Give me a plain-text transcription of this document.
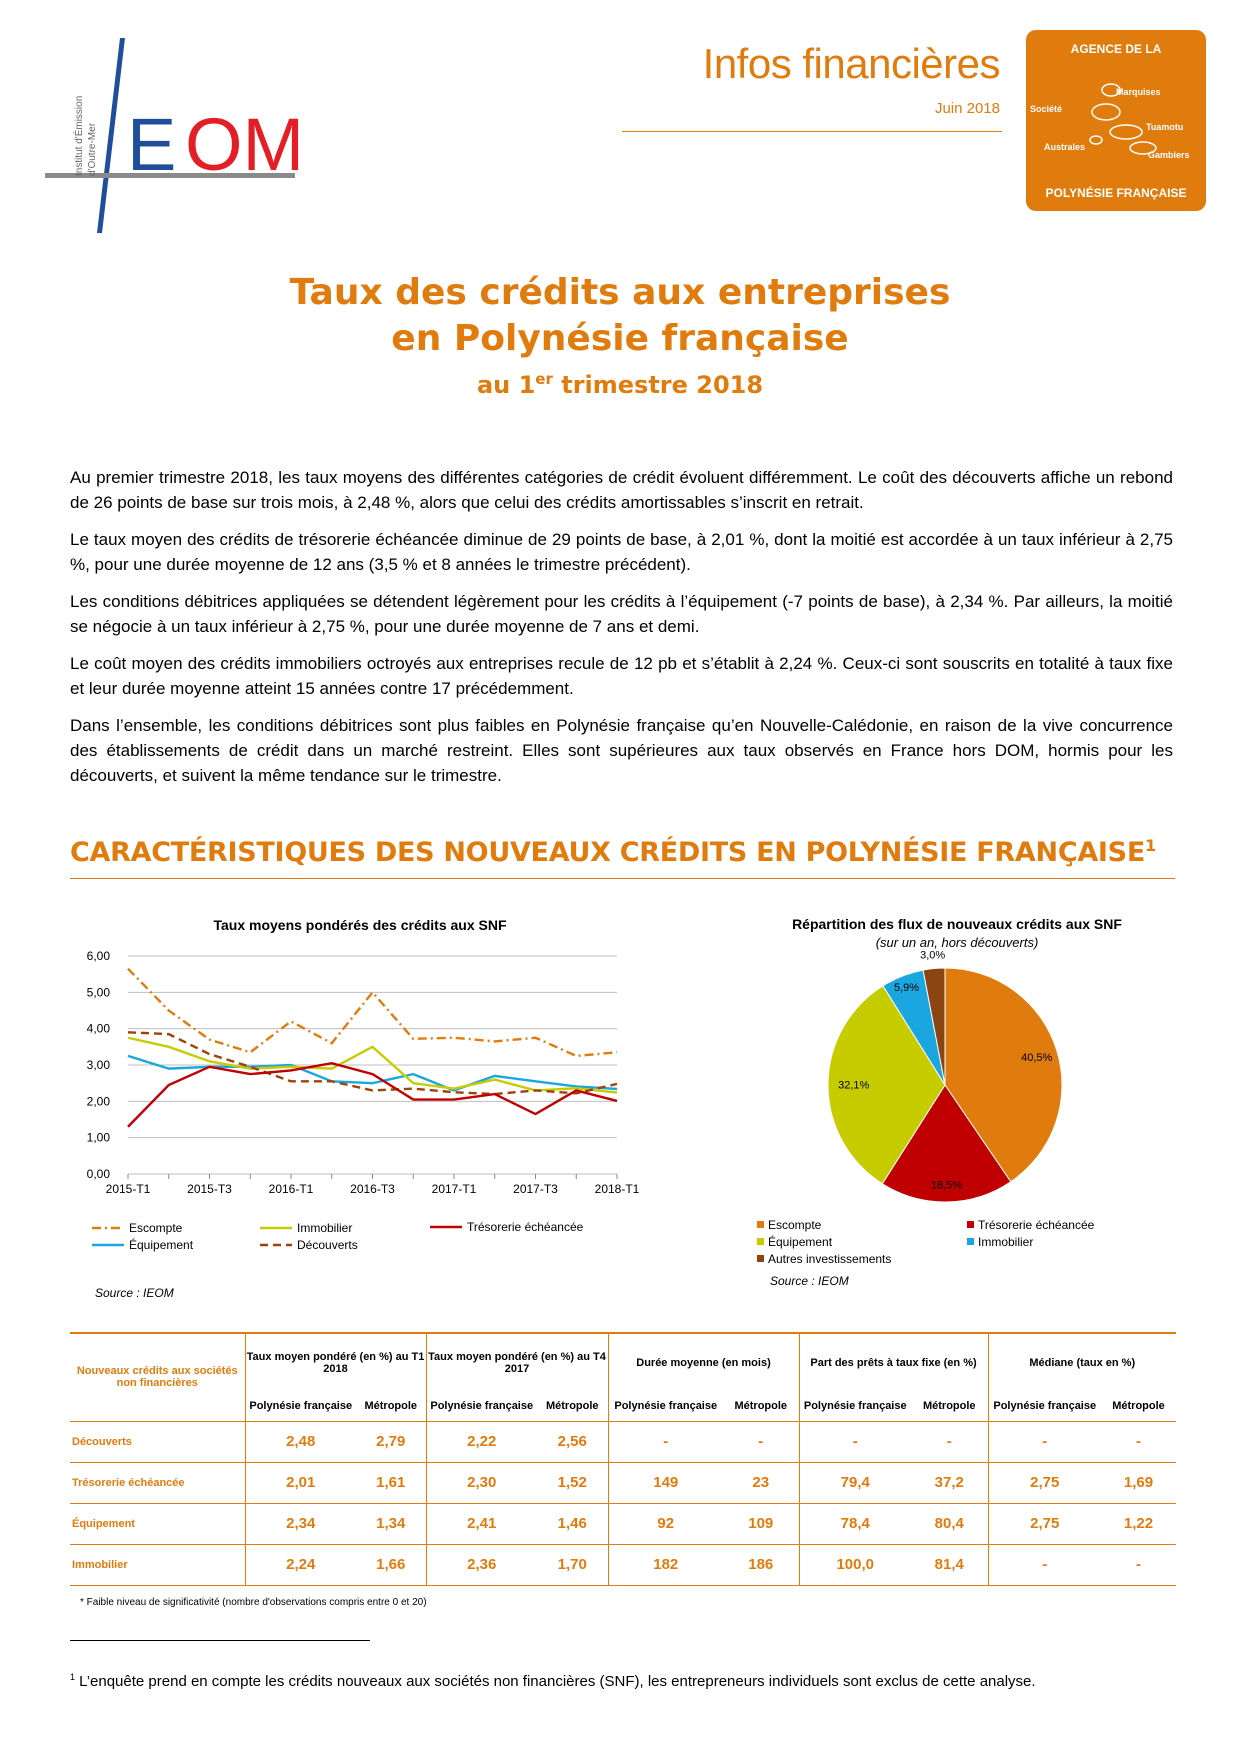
E OM
Institut d'Émission d'Outre-Mer
Infos financières
Juin 2018
AGENCE DE LA
Marquises
Société
Tuamotu
Australes
Gambiers
POLYNÉSIE FRANÇAISE
Taux des crédits aux entreprises
en Polynésie française
au 1er trimestre 2018

Au premier trimestre 2018, les taux moyens des différentes catégories de crédit évoluent différemment. Le coût des découverts affiche un rebond de 26 points de base sur trois mois, à 2,48 %, alors que celui des crédits amortissables s’inscrit en retrait.

Le taux moyen des crédits de trésorerie échéancée diminue de 29 points de base, à 2,01 %, dont la moitié est accordée à un taux inférieur à 2,75 %, pour une durée moyenne de 12 ans (3,5 % et 8 années le trimestre précédent).

Les conditions débitrices appliquées se détendent légèrement pour les crédits à l’équipement (-7 points de base), à 2,34 %. Par ailleurs, la moitié se négocie à un taux inférieur à 2,75 %, pour une durée moyenne de 7 ans et demi.

Le coût moyen des crédits immobiliers octroyés aux entreprises recule de 12 pb et s’établit à 2,24 %. Ceux-ci sont souscrits en totalité à taux fixe et leur durée moyenne atteint 15 années contre 17 précédemment.

Dans l’ensemble, les conditions débitrices sont plus faibles en Polynésie française qu’en Nouvelle-Calédonie, en raison de la vive concurrence des établissements de crédit dans un marché restreint. Elles sont supérieures aux taux observés en France hors DOM, hormis pour les découverts, et suivent la même tendance sur le trimestre.

CARACTÉRISTIQUES DES NOUVEAUX CRÉDITS EN POLYNÉSIE FRANÇAISE$^1$
Taux moyens pondérés des crédits aux SNF
0,00
1,00
2,00
3,00
4,00
5,00
6,00
2015-T1	2015-T3	2016-T1	2016-T3	2017-T1	2017-T3	2018-T1
Escompte	Immobilier	Trésorerie échéancée
Équipement	Découverts
Source : IEOM
Répartition des flux de nouveaux crédits aux SNF
(sur un an, hors découverts)
40,5%
18,5%
32,1%
5,9%
3,0%
Escompte	Trésorerie échéancée
Équipement	Immobilier
Autres investissements
Source : IEOM
Nouveaux crédits aux sociétés non financières	Taux moyen pondéré (en %) au T1 2018		Taux moyen pondéré (en %) au T4 2017		Durée moyenne (en mois)		Part des prêts à taux fixe (en %)		Médiane (taux en %)	
	Polynésie française	Métropole	Polynésie française	Métropole	Polynésie française	Métropole	Polynésie française	Métropole	Polynésie française	Métropole
Découverts	2,48	2,79	2,22	2,56	-	-	-	-	-	-
Trésorerie échéancée	2,01	1,61	2,30	1,52	149	23	79,4	37,2	2,75	1,69
Équipement	2,34	1,34	2,41	1,46	92	109	78,4	80,4	2,75	1,22
Immobilier	2,24	1,66	2,36	1,70	182	186	100,0	81,4	-	-
* Faible niveau de significativité (nombre d'observations compris entre 0 et 20)
$^1$ L’enquête prend en compte les crédits nouveaux aux sociétés non financières (SNF), les entrepreneurs individuels sont exclus de cette analyse.
